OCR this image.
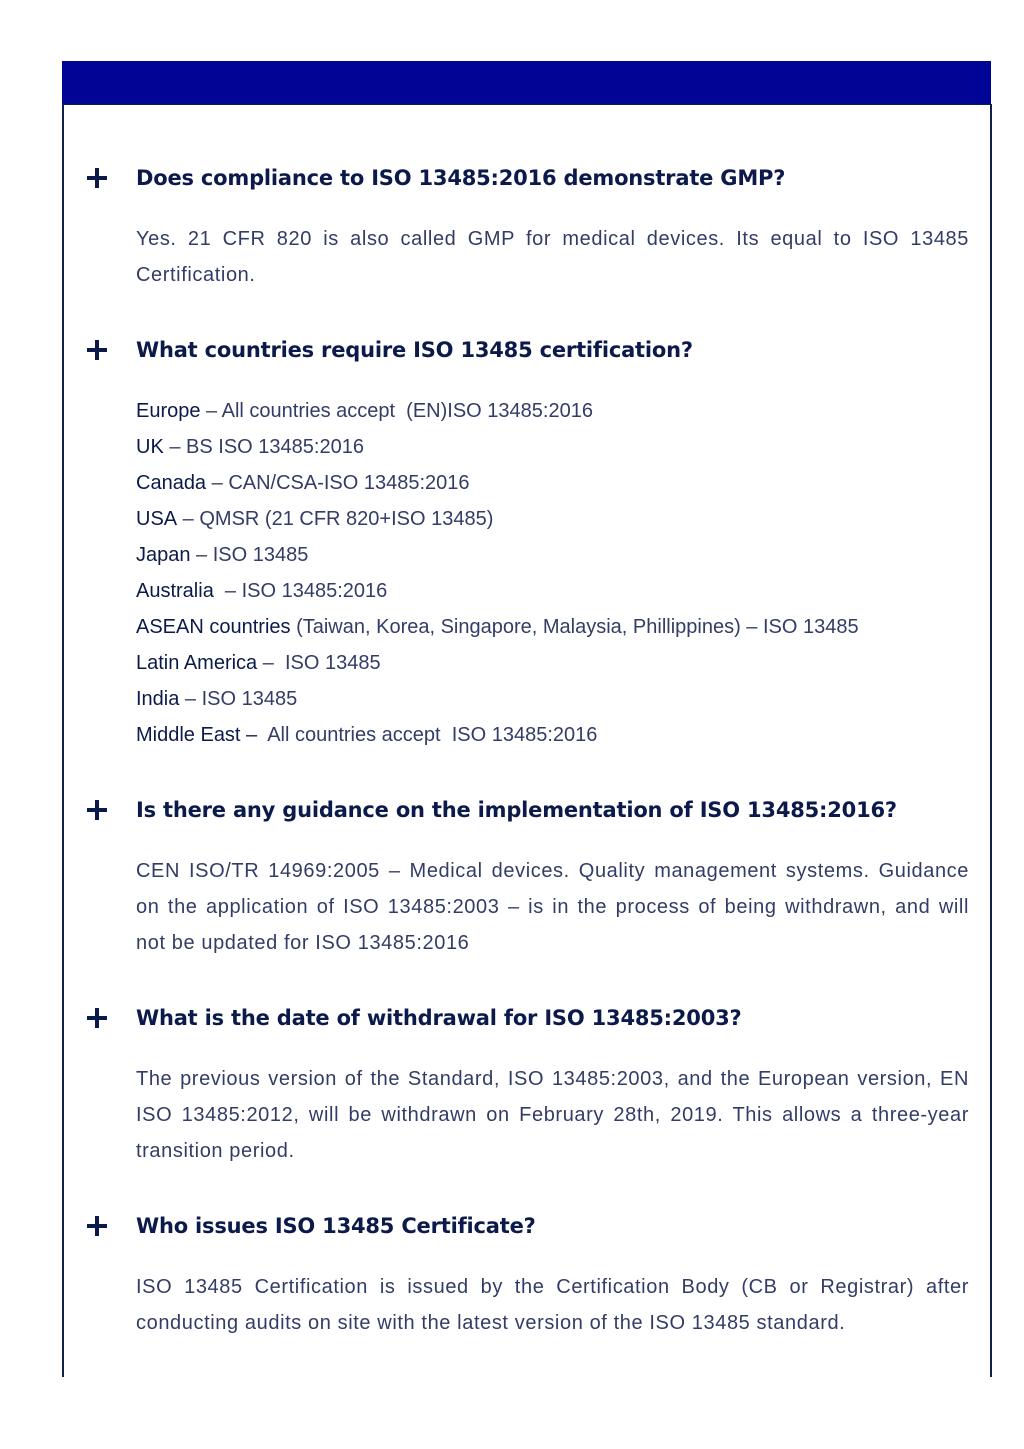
Does compliance to ISO 13485:2016 demonstrate GMP?

Yes. 21 CFR 820 is also called GMP for medical devices. Its equal to ISO 13485 Certification.

What countries require ISO 13485 certification?
Europe – All countries accept  (EN)ISO 13485:2016
UK – BS ISO 13485:2016
Canada – CAN/CSA-ISO 13485:2016
USA – QMSR (21 CFR 820+ISO 13485)
Japan – ISO 13485
Australia  – ISO 13485:2016
ASEAN countries (Taiwan, Korea, Singapore, Malaysia, Phillippines) – ISO 13485
Latin America –  ISO 13485
India – ISO 13485
Middle East – All countries accept  ISO 13485:2016
Is there any guidance on the implementation of ISO 13485:2016?

CEN ISO/TR 14969:2005 – Medical devices. Quality management systems. Guidance on the application of ISO 13485:2003 – is in the process of being withdrawn, and will not be updated for ISO 13485:2016

What is the date of withdrawal for ISO 13485:2003?

The previous version of the Standard, ISO 13485:2003, and the European version, EN ISO 13485:2012, will be withdrawn on February 28th, 2019. This allows a three-year transition period.

Who issues ISO 13485 Certificate?

ISO 13485 Certification is issued by the Certification Body (CB or Registrar) after conducting audits on site with the latest version of the ISO 13485 standard.
